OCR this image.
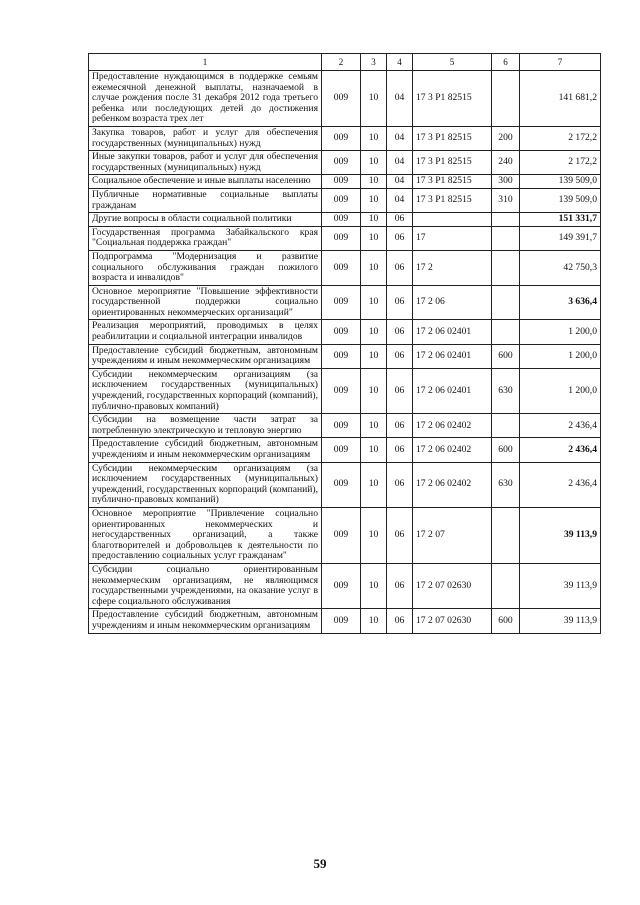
1	2	3	4	5	6	7
Предоставление нуждающимся в поддержке семьям ежемесячной денежной выплаты, назначаемой в случае рождения после 31 декабря 2012 года третьего ребенка или последующих детей до достижения ребенком возраста трех лет	009	10	04	17 3 Р1 82515		141 681,2
Закупка товаров, работ и услуг для обеспечения государственных (муниципальных) нужд	009	10	04	17 3 Р1 82515	200	2 172,2
Иные закупки товаров, работ и услуг для обеспечения государственных (муниципальных) нужд	009	10	04	17 3 Р1 82515	240	2 172,2
Социальное обеспечение и иные выплаты населению	009	10	04	17 3 Р1 82515	300	139 509,0
Публичные нормативные социальные выплаты гражданам	009	10	04	17 3 Р1 82515	310	139 509,0
Другие вопросы в области социальной политики	009	10	06			151 331,7
Государственная программа Забайкальского края "Социальная поддержка граждан"	009	10	06	17		149 391,7
Подпрограмма "Модернизация и развитие социального обслуживания граждан пожилого возраста и инвалидов"	009	10	06	17 2		42 750,3
Основное мероприятие "Повышение эффективности государственной поддержки социально ориентированных некоммерческих организаций"	009	10	06	17 2 06		3 636,4
Реализация мероприятий, проводимых в целях реабилитации и социальной интеграции инвалидов	009	10	06	17 2 06 02401		1 200,0
Предоставление субсидий бюджетным, автономным учреждениям и иным некоммерческим организациям	009	10	06	17 2 06 02401	600	1 200,0
Субсидии некоммерческим организациям (за исключением государственных (муниципальных) учреждений, государственных корпораций (компаний), публично-правовых компаний)	009	10	06	17 2 06 02401	630	1 200,0
Субсидии на возмещение части затрат за потребленную электрическую и тепловую энергию	009	10	06	17 2 06 02402		2 436,4
Предоставление субсидий бюджетным, автономным учреждениям и иным некоммерческим организациям	009	10	06	17 2 06 02402	600	2 436,4
Субсидии некоммерческим организациям (за исключением государственных (муниципальных) учреждений, государственных корпораций (компаний), публично-правовых компаний)	009	10	06	17 2 06 02402	630	2 436,4
Основное мероприятие "Привлечение социально ориентированных некоммерческих и негосударственных организаций, а также благотворителей и добровольцев к деятельности по предоставлению социальных услуг гражданам"	009	10	06	17 2 07		39 113,9
Субсидии социально ориентированным некоммерческим организациям, не являющимся государственными учреждениями, на оказание услуг в сфере социального обслуживания	009	10	06	17 2 07 02630		39 113,9
Предоставление субсидий бюджетным, автономным учреждениям и иным некоммерческим организациям	009	10	06	17 2 07 02630	600	39 113,9
59
